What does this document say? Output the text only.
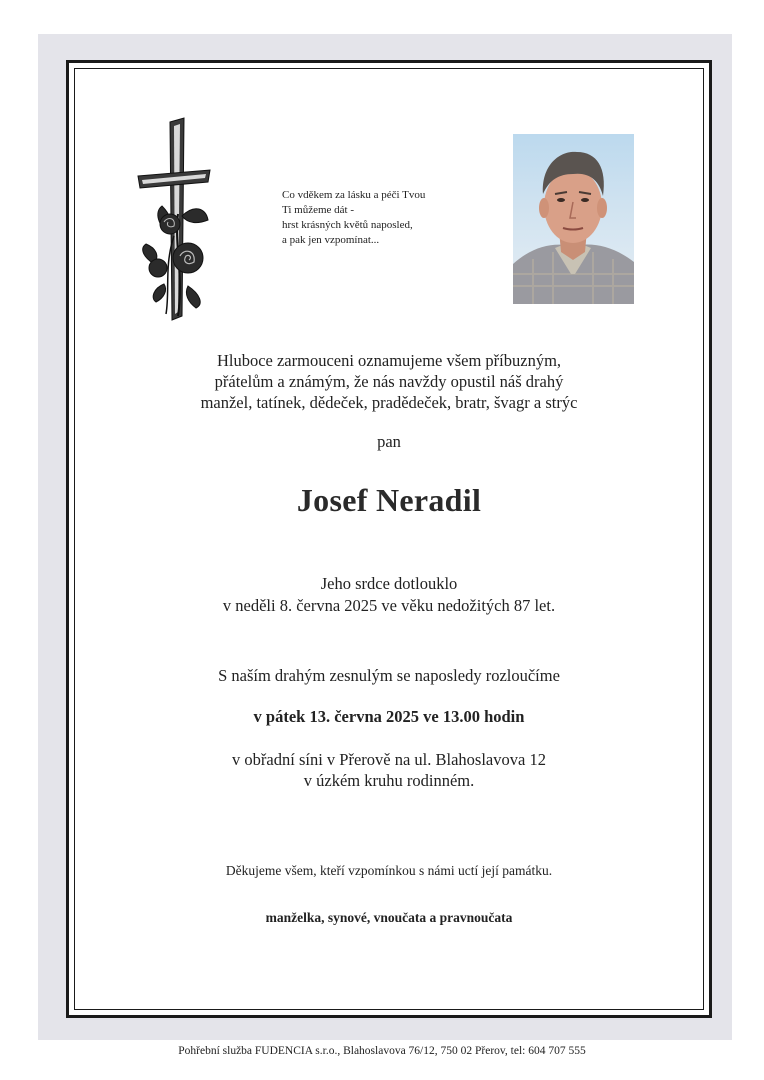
Co vděkem za lásku a péči Tvou
Ti můžeme dát -
hrst krásných květů naposled,
a pak jen vzpomínat...
Hluboce zarmouceni oznamujeme všem příbuzným,
přátelům a známým, že nás navždy opustil náš drahý
manžel, tatínek, dědeček, pradědeček, bratr, švagr a strýc
pan
Josef Neradil
Jeho srdce dotlouklo
v neděli 8. června 2025 ve věku nedožitých 87 let.
S naším drahým zesnulým se naposledy rozloučíme
v pátek 13. června 2025 ve 13.00 hodin
v obřadní síni v Přerově na ul. Blahoslavova 12
v úzkém kruhu rodinném.
Děkujeme všem, kteří vzpomínkou s námi uctí její památku.
manželka, synové, vnoučata a pravnoučata
Pohřební služba FUDENCIA s.r.o., Blahoslavova 76/12, 750 02 Přerov, tel: 604 707 555
